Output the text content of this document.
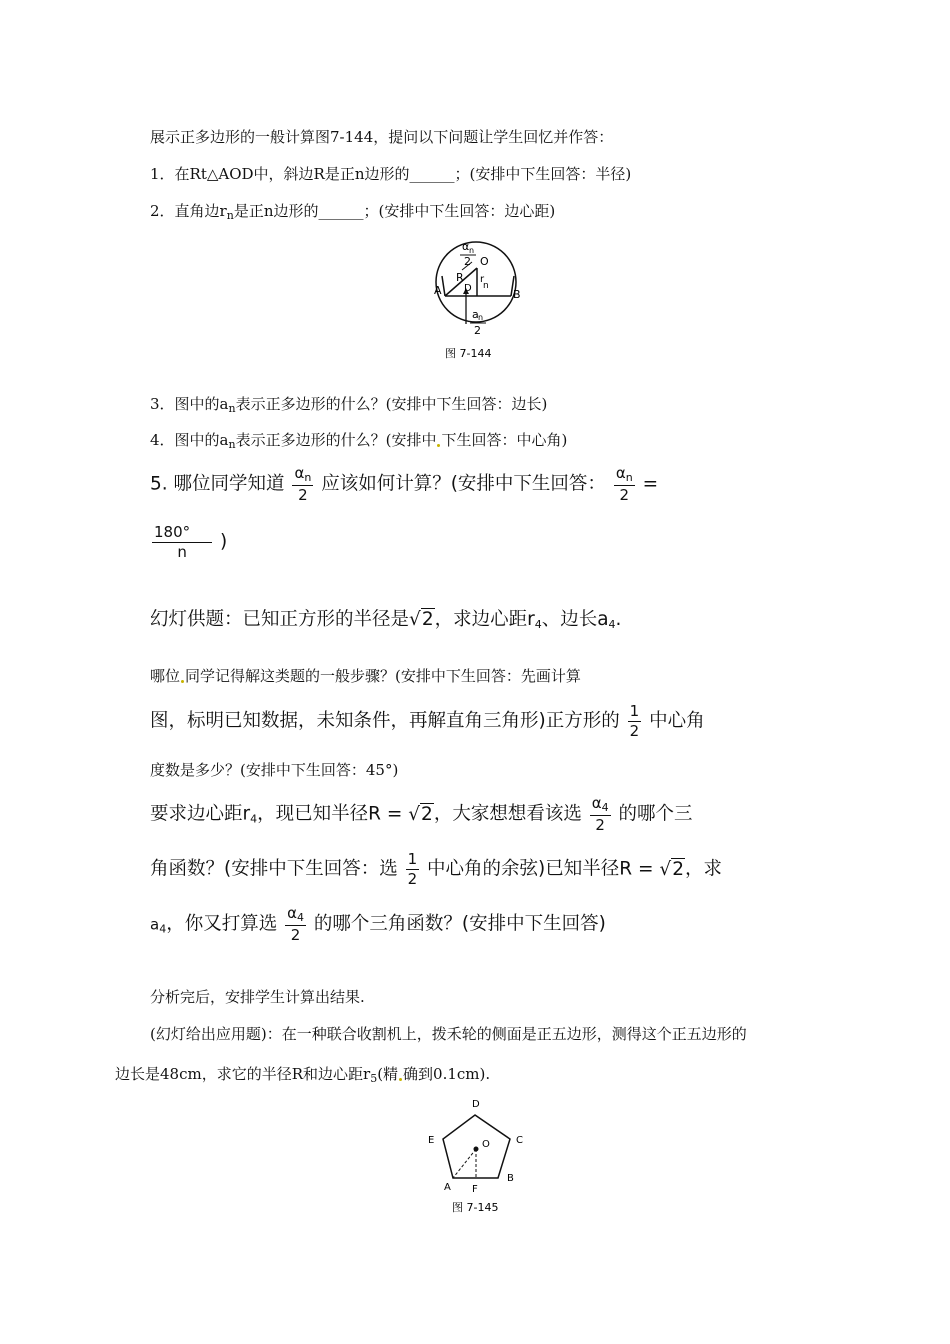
展示正多边形的一般计算图7-144，提问以下问题让学生回忆并作答：
1．在Rt△AOD中，斜边R是正n边形的______；(安排中下生回答：半径)
2．直角边$r_n$是正n边形的______；(安排中下生回答：边心距)
α n
2 O
R
D
r
n
A	B
a n
2
图 7-144
3．图中的$a_n$表示正多边形的什么？(安排中下生回答：边长)
4．图中的$a_n$表示正多边形的什么？(安排中 下生回答：中心角)
5. 哪位同学知道 $\frac{\alpha_n}{2}$ 应该如何计算？(安排中下生回答： $\frac{\alpha_n}{2}$ =
$\frac{180^\circ}{n}$ )
幻灯供题：已知正方形的半径是√2，求边心距$r_4$、边长$a_4$.
哪位 同学记得解这类题的一般步骤？(安排中下生回答：先画计算
图，标明已知数据，未知条件，再解直角三角形)正方形的 $\frac{1}{2}$ 中心角
度数是多少？(安排中下生回答：45°)
要求边心距$r_4$，现已知半径R = √2，大家想想看该选 $\frac{\alpha_4}{2}$ 的哪个三
角函数？(安排中下生回答：选 $\frac{1}{2}$ 中心角的余弦)已知半径R = √2，求
$a_4$，你又打算选 $\frac{\alpha_4}{2}$ 的哪个三角函数？(安排中下生回答)
分析完后，安排学生计算出结果.
(幻灯给出应用题)：在一种联合收割机上，拨禾轮的侧面是正五边形，测得这个正五边形的
边长是48cm，求它的半径R和边心距$r_5$(精 确到0.1cm).
D
C
E	O
B
A F
图 7-145
